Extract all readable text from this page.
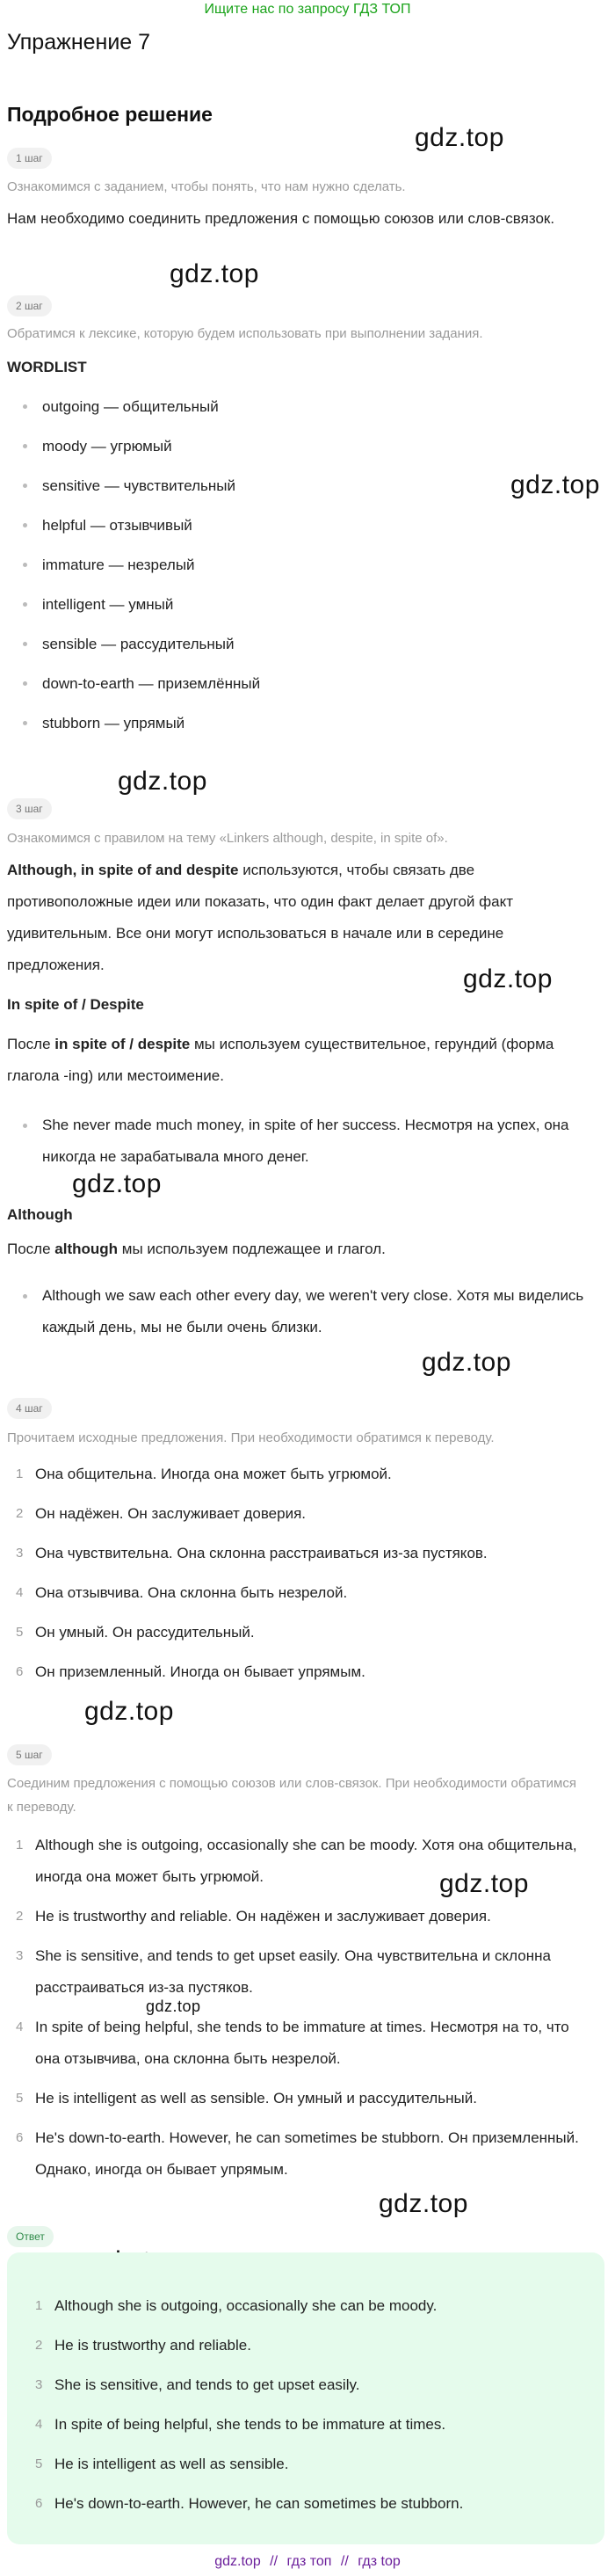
Ищите нас по запросу ГДЗ ТОП
Упражнение 7
Подробное решение
gdz.top
gdz.top
gdz.top
gdz.top
gdz.top
gdz.top
gdz.top
gdz.top
gdz.top
gdz.top
gdz.top
1 шаг
Ознакомимся с заданием, чтобы понять, что нам нужно сделать.
Нам необходимо соединить предложения с помощью союзов или слов-связок.
2 шаг
Обратимся к лексике, которую будем использовать при выполнении задания.
WORDLIST
outgoing — общительный
moody — угрюмый
sensitive — чувствительный
helpful — отзывчивый
immature — незрелый
intelligent — умный
sensible — рассудительный
down-to-earth — приземлённый
stubborn — упрямый
3 шаг
Ознакомимся с правилом на тему «Linkers although, despite, in spite of».
Although, in spite of and despite используются, чтобы связать две противоположные идеи или показать, что один факт делает другой факт удивительным. Все они могут использоваться в начале или в середине предложения.
In spite of / Despite
После in spite of / despite мы используем существительное, герундий (форма глагола -ing) или местоимение.
She never made much money, in spite of her success. Несмотря на успех, она никогда не зарабатывала много денег.
Although
После although мы используем подлежащее и глагол.
Although we saw each other every day, we weren't very close. Хотя мы виделись каждый день, мы не были очень близки.
4 шаг
Прочитаем исходные предложения. При необходимости обратимся к переводу.
1 Она общительна. Иногда она может быть угрюмой.
2 Он надёжен. Он заслуживает доверия.
3 Она чувствительна. Она склонна расстраиваться из-за пустяков.
4 Она отзывчива. Она склонна быть незрелой.
5 Он умный. Он рассудительный.
6 Он приземленный. Иногда он бывает упрямым.
5 шаг
Соединим предложения с помощью союзов или слов-связок. При необходимости обратимся к переводу.
1 Although she is outgoing, occasionally she can be moody. Хотя она общительна, иногда она может быть угрюмой.
2 He is trustworthy and reliable. Он надёжен и заслуживает доверия.
3 She is sensitive, and tends to get upset easily. Она чувствительна и склонна расстраиваться из-за пустяков.
4 In spite of being helpful, she tends to be immature at times. Несмотря на то, что она отзывчива, она склонна быть незрелой.
5 He is intelligent as well as sensible. Он умный и рассудительный.
6 He's down-to-earth. However, he can sometimes be stubborn. Он приземленный. Однако, иногда он бывает упрямым.
Ответ
1 Although she is outgoing, occasionally she can be moody.
2 He is trustworthy and reliable.
3 She is sensitive, and tends to get upset easily.
4 In spite of being helpful, she tends to be immature at times.
5 He is intelligent as well as sensible.
6 He's down-to-earth. However, he can sometimes be stubborn.
gdz.top // гдз топ // гдз top
